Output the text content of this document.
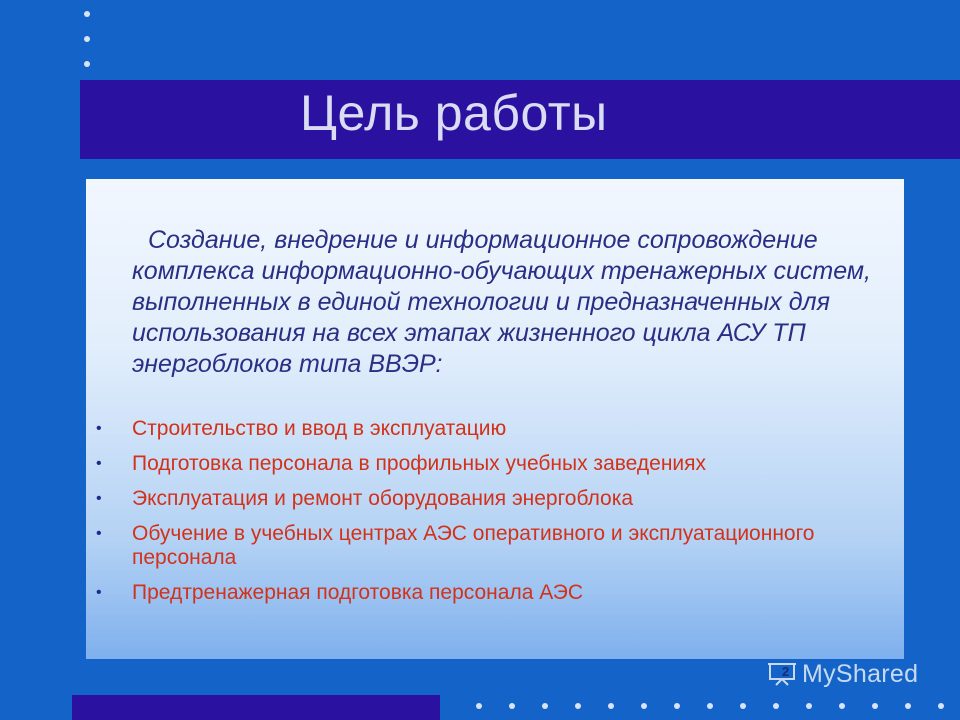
Цель работы

Создание, внедрение и информационное сопровождение комплекса информационно-обучающих тренажерных систем, выполненных в единой технологии и предназначенных для использования на всех этапах жизненного цикла АСУ ТП энергоблоков типа ВВЭР:

•	Строительство и ввод в эксплуатацию
•	Подготовка персонала в профильных учебных заведениях
•	Эксплуатация и ремонт оборудования энергоблока
•	Обучение в учебных центрах АЭС оперативного и эксплуатационного персонала
•	Предтренажерная подготовка персонала АЭС
MyShared
2
